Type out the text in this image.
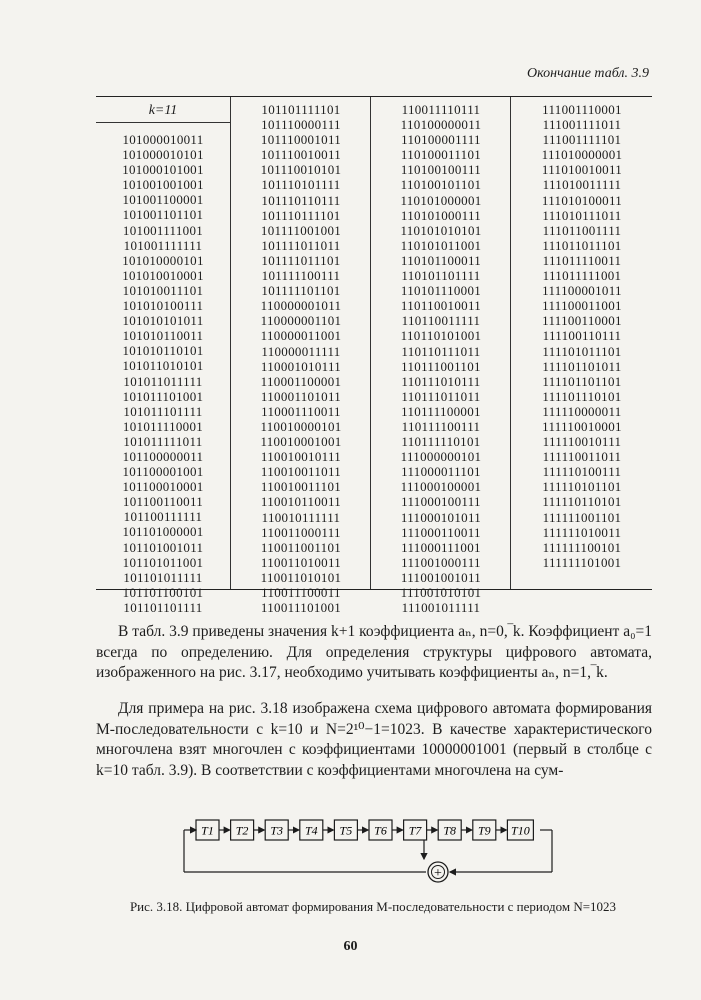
Окончание табл. 3.9
k=11
101000010011
101000010101
101000101001
101001001001
101001100001
101001101101
101001111001
101001111111
101010000101
101010010001
101010011101
101010100111
101010101011
101010110011
101010110101
101011010101
101011011111
101011101001
101011101111
101011110001
101011111011
101100000011
101100001001
101100010001
101100110011
101100111111
101101000001
101101001011
101101011001
101101011111
101101100101
101101101111
101101111101
101110000111
101110001011
101110010011
101110010101
101110101111
101110110111
101110111101
101111001001
101111011011
101111011101
101111100111
101111101101
110000001011
110000001101
110000011001
110000011111
110001010111
110001100001
110001101011
110001110011
110010000101
110010001001
110010010111
110010011011
110010011101
110010110011
110010111111
110011000111
110011001101
110011010011
110011010101
110011100011
110011101001
110011110111
110100000011
110100001111
110100011101
110100100111
110100101101
110101000001
110101000111
110101010101
110101011001
110101100011
110101101111
110101110001
110110010011
110110011111
110110101001
110110111011
110111001101
110111010111
110111011011
110111100001
110111100111
110111110101
111000000101
111000011101
111000100001
111000100111
111000101011
111000110011
111000111001
111001000111
111001001011
111001010101
111001011111
111001110001
111001111011
111001111101
111010000001
111010010011
111010011111
111010100011
111010111011
111011001111
111011011101
111011110011
111011111001
111100001011
111100011001
111100110001
111100110111
111101011101
111101101011
111101101101
111101110101
111110000011
111110010001
111110010111
111110011011
111110100111
111110101101
111110110101
111111001101
111111010011
111111100101
111111101001

В табл. 3.9 приведены значения k+1 коэффициента aₙ, n=0,‾k. Коэффициент a₀=1 всегда по определению. Для определения структуры цифрового автомата, изображенного на рис. 3.17, необходимо учитывать коэффициенты aₙ, n=1,‾k.

Для примера на рис. 3.18 изображена схема цифрового автомата формирования M-последовательности с k=10 и N=2¹⁰−1=1023. В качестве характеристического многочлена взят многочлен с коэффициентами 10000001001 (первый в столбце с k=10 табл. 3.9). В соответствии с коэффициентами многочлена на сум-

T1 T2 T3 T4 T5 T6 T7 T8 T9 T10
+
Рис. 3.18. Цифровой автомат формирования M-последовательности с периодом N=1023
60
